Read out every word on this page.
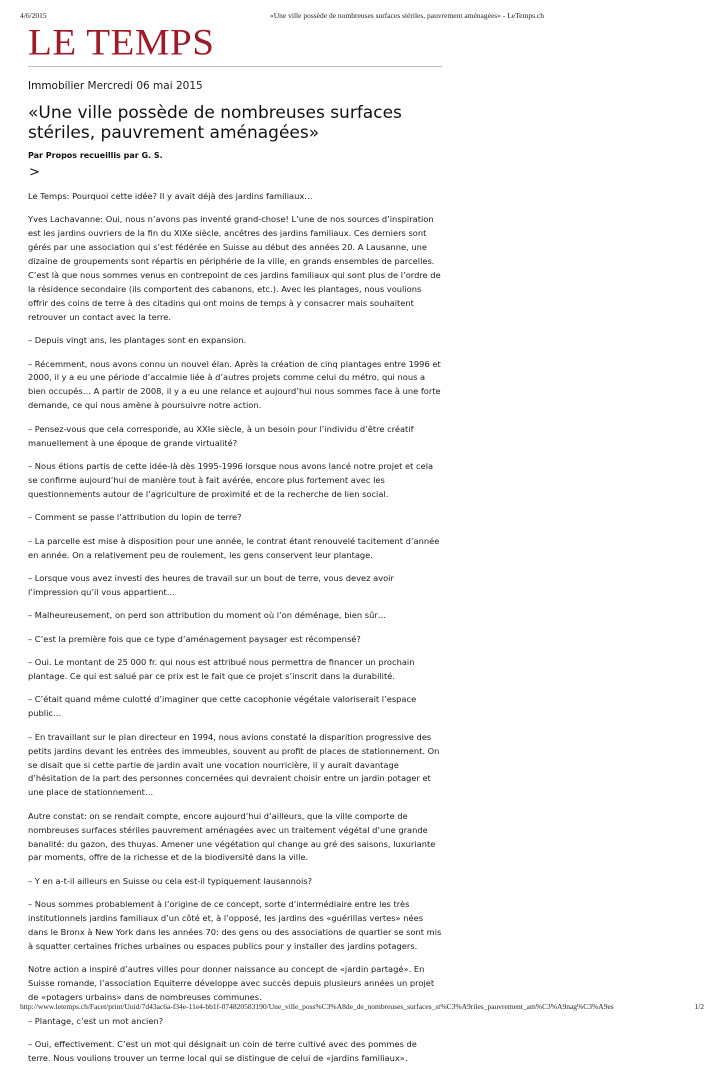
4/6/2015	«Une ville possède de nombreuses surfaces stériles, pauvrement aménagées» - LeTemps.ch
LE TEMPS
Immobilier Mercredi 06 mai 2015
«Une ville possède de nombreuses surfaces stériles, pauvrement aménagées»
Par Propos recueillis par G. S.
>

Le Temps: Pourquoi cette idée? Il y avait déjà des jardins familiaux…

Yves Lachavanne: Oui, nous n’avons pas inventé grand-chose! L’une de nos sources d’inspiration est les jardins ouvriers de la fin du XIXe siècle, ancêtres des jardins familiaux. Ces derniers sont gérés par une association qui s’est fédérée en Suisse au début des années 20. A Lausanne, une dizaine de groupements sont répartis en périphérie de la ville, en grands ensembles de parcelles. C’est là que nous sommes venus en contrepoint de ces jardins familiaux qui sont plus de l’ordre de la résidence secondaire (ils comportent des cabanons, etc.). Avec les plantages, nous voulions offrir des coins de terre à des citadins qui ont moins de temps à y consacrer mais souhaitent retrouver un contact avec la terre.

– Depuis vingt ans, les plantages sont en expansion.

– Récemment, nous avons connu un nouvel élan. Après la création de cinq plantages entre 1996 et 2000, il y a eu une période d’accalmie liée à d’autres projets comme celui du métro, qui nous a bien occupés… A partir de 2008, il y a eu une relance et aujourd’hui nous sommes face à une forte demande, ce qui nous amène à poursuivre notre action.

– Pensez-vous que cela corresponde, au XXIe siècle, à un besoin pour l’individu d’être créatif manuellement à une époque de grande virtualité?

– Nous étions partis de cette idée-là dès 1995-1996 lorsque nous avons lancé notre projet et cela se confirme aujourd’hui de manière tout à fait avérée, encore plus fortement avec les questionnements autour de l’agriculture de proximité et de la recherche de lien social.

– Comment se passe l’attribution du lopin de terre?

– La parcelle est mise à disposition pour une année, le contrat étant renouvelé tacitement d’année en année. On a relativement peu de roulement, les gens conservent leur plantage.

– Lorsque vous avez investi des heures de travail sur un bout de terre, vous devez avoir l’impression qu’il vous appartient…

– Malheureusement, on perd son attribution du moment où l’on déménage, bien sûr…

– C’est la première fois que ce type d’aménagement paysager est récompensé?

– Oui. Le montant de 25 000 fr. qui nous est attribué nous permettra de financer un prochain plantage. Ce qui est salué par ce prix est le fait que ce projet s’inscrit dans la durabilité.

– C’était quand même culotté d’imaginer que cette cacophonie végétale valoriserait l’espace public…

– En travaillant sur le plan directeur en 1994, nous avions constaté la disparition progressive des petits jardins devant les entrées des immeubles, souvent au profit de places de stationnement. On se disait que si cette partie de jardin avait une vocation nourricière, il y aurait davantage d’hésitation de la part des personnes concernées qui devraient choisir entre un jardin potager et une place de stationnement…

Autre constat: on se rendait compte, encore aujourd’hui d’ailleurs, que la ville comporte de nombreuses surfaces stériles pauvrement aménagées avec un traitement végétal d’une grande banalité: du gazon, des thuyas. Amener une végétation qui change au gré des saisons, luxuriante par moments, offre de la richesse et de la biodiversité dans la ville.

– Y en a-t-il ailleurs en Suisse ou cela est-il typiquement lausannois?

– Nous sommes probablement à l’origine de ce concept, sorte d’intermédiaire entre les très institutionnels jardins familiaux d’un côté et, à l’opposé, les jardins des «guérillas vertes» nées dans le Bronx à New York dans les années 70: des gens ou des associations de quartier se sont mis à squatter certaines friches urbaines ou espaces publics pour y installer des jardins potagers.

Notre action a inspiré d’autres villes pour donner naissance au concept de «jardin partagé». En Suisse romande, l’association Equiterre développe avec succès depuis plusieurs années un projet de «potagers urbains» dans de nombreuses communes.

– Plantage, c’est un mot ancien?

– Oui, effectivement. C’est un mot qui désignait un coin de terre cultivé avec des pommes de terre. Nous voulions trouver un terme local qui se distingue de celui de «jardins familiaux».

http://www.letemps.ch/Facet/print/Uuid/7d43ac6a-f34e-11e4-bb1f-074820583190/Une_ville_poss%C3%A8de_de_nombreuses_surfaces_st%C3%A9riles_pauvrement_am%C3%A9nag%C3%A9es	1/2
